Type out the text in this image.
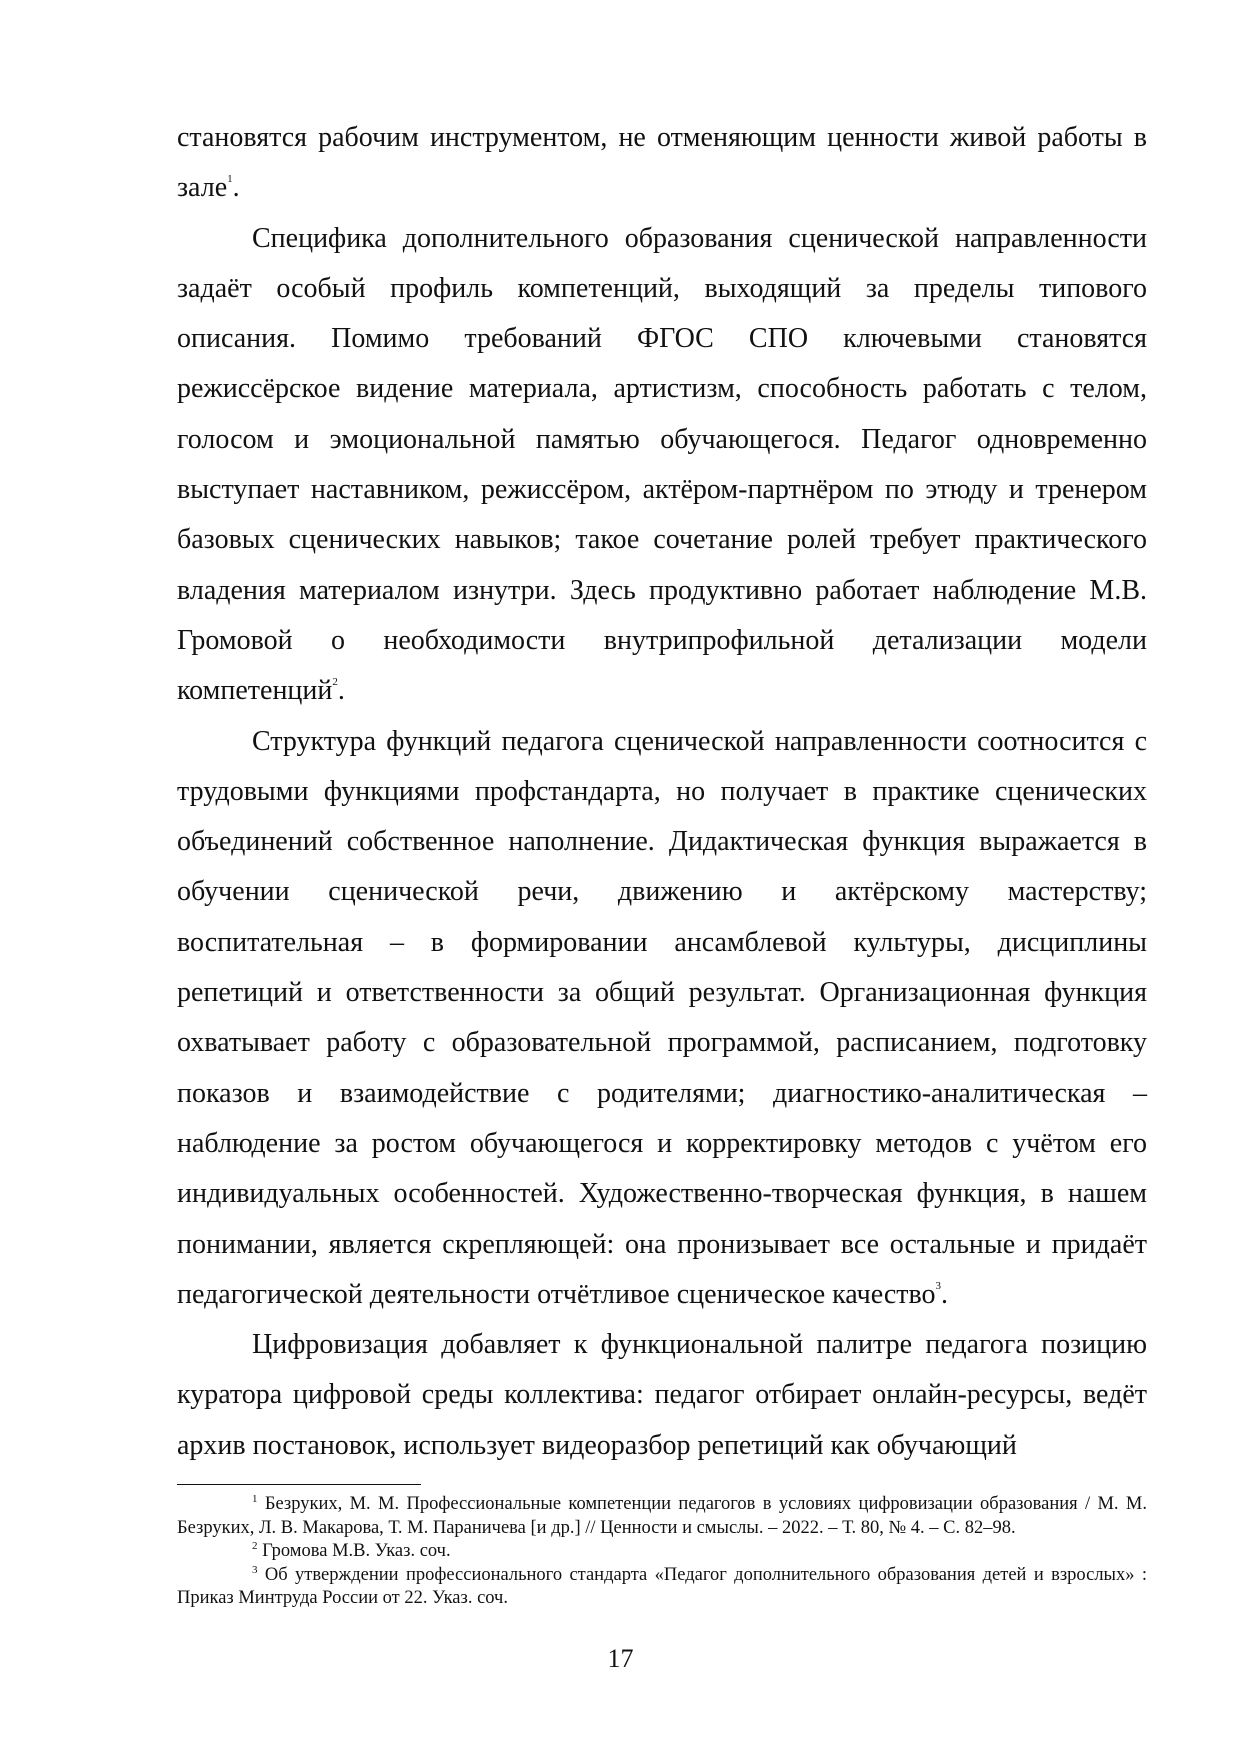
становятся рабочим инструментом, не отменяющим ценности живой работы в зале$^1$.

Специфика дополнительного образования сценической направленности задаёт особый профиль компетенций, выходящий за пределы типового описания. Помимо требований ФГОС СПО ключевыми становятся режиссёрское видение материала, артистизм, способность работать с телом, голосом и эмоциональной памятью обучающегося. Педагог одновременно выступает наставником, режиссёром, актёром-партнёром по этюду и тренером базовых сценических навыков; такое сочетание ролей требует практического владения материалом изнутри. Здесь продуктивно работает наблюдение М.В. Громовой о необходимости внутрипрофильной детализации модели компетенций$^2$.

Структура функций педагога сценической направленности соотносится с трудовыми функциями профстандарта, но получает в практике сценических объединений собственное наполнение. Дидактическая функция выражается в обучении сценической речи, движению и актёрскому мастерству; воспитательная – в формировании ансамблевой культуры, дисциплины репетиций и ответственности за общий результат. Организационная функция охватывает работу с образовательной программой, расписанием, подготовку показов и взаимодействие с родителями; диагностико-аналитическая – наблюдение за ростом обучающегося и корректировку методов с учётом его индивидуальных особенностей. Художественно-творческая функция, в нашем понимании, является скрепляющей: она пронизывает все остальные и придаёт педагогической деятельности отчётливое сценическое качество$^3$.

Цифровизация добавляет к функциональной палитре педагога позицию куратора цифровой среды коллектива: педагог отбирает онлайн-ресурсы, ведёт архив постановок, использует видеоразбор репетиций как обучающий

$^1$ Безруких, М. М. Профессиональные компетенции педагогов в условиях цифровизации образования / М. М. Безруких, Л. В. Макарова, Т. М. Параничева [и др.] // Ценности и смыслы. – 2022. – Т. 80, № 4. – С. 82–98.

$^2$ Громова М.В. Указ. соч.

$^3$ Об утверждении профессионального стандарта «Педагог дополнительного образования детей и взрослых» : Приказ Минтруда России от 22. Указ. соч.

17
